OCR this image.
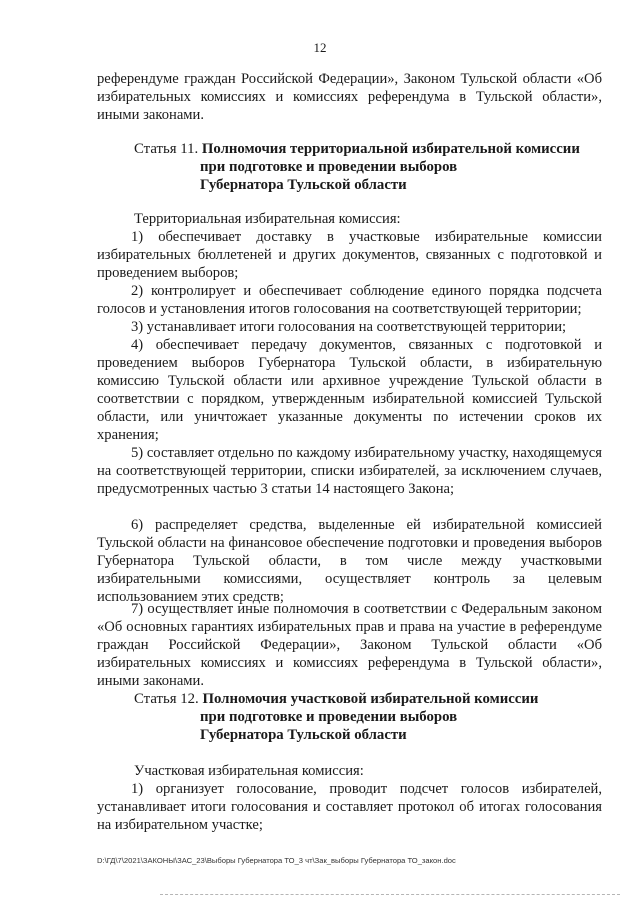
12
референдуме граждан Российской Федерации», Законом Тульской области «Об избирательных комиссиях и комиссиях референдума в Тульской области», иными законами.
Статья 11. Полномочия территориальной избирательной комиссии
при подготовке и проведении выборов
Губернатора Тульской области
Территориальная избирательная комиссия:
1) обеспечивает доставку в участковые избирательные комиссии избирательных бюллетеней и других документов, связанных с подготовкой и проведением выборов;
2) контролирует и обеспечивает соблюдение единого порядка подсчета голосов и установления итогов голосования на соответствующей территории;
3) устанавливает итоги голосования на соответствующей территории;
4) обеспечивает передачу документов, связанных с подготовкой и проведением выборов Губернатора Тульской области, в избирательную комиссию Тульской области или архивное учреждение Тульской области в соответствии с порядком, утвержденным избирательной комиссией Тульской области, или уничтожает указанные документы по истечении сроков их хранения;
5) составляет отдельно по каждому избирательному участку, находящемуся на соответствующей территории, списки избирателей, за исключением случаев, предусмотренных частью 3 статьи 14 настоящего Закона;
6) распределяет средства, выделенные ей избирательной комиссией Тульской области на финансовое обеспечение подготовки и проведения выборов Губернатора Тульской области, в том числе между участковыми избирательными комиссиями, осуществляет контроль за целевым использованием этих средств;
7) осуществляет иные полномочия в соответствии с Федеральным законом «Об основных гарантиях избирательных прав и права на участие в референдуме граждан Российской Федерации», Законом Тульской области «Об избирательных комиссиях и комиссиях референдума в Тульской области», иными законами.
Статья 12. Полномочия участковой избирательной комиссии
при подготовке и проведении выборов
Губернатора Тульской области
Участковая избирательная комиссия:
1) организует голосование, проводит подсчет голосов избирателей, устанавливает итоги голосования и составляет протокол об итогах голосования на избирательном участке;
D:\ГД\7\2021\ЗАКОНЫ\ЗАС_23\Выборы Губернатора ТО_3 чт\Зак_выборы Губернатора ТО_закон.doc
